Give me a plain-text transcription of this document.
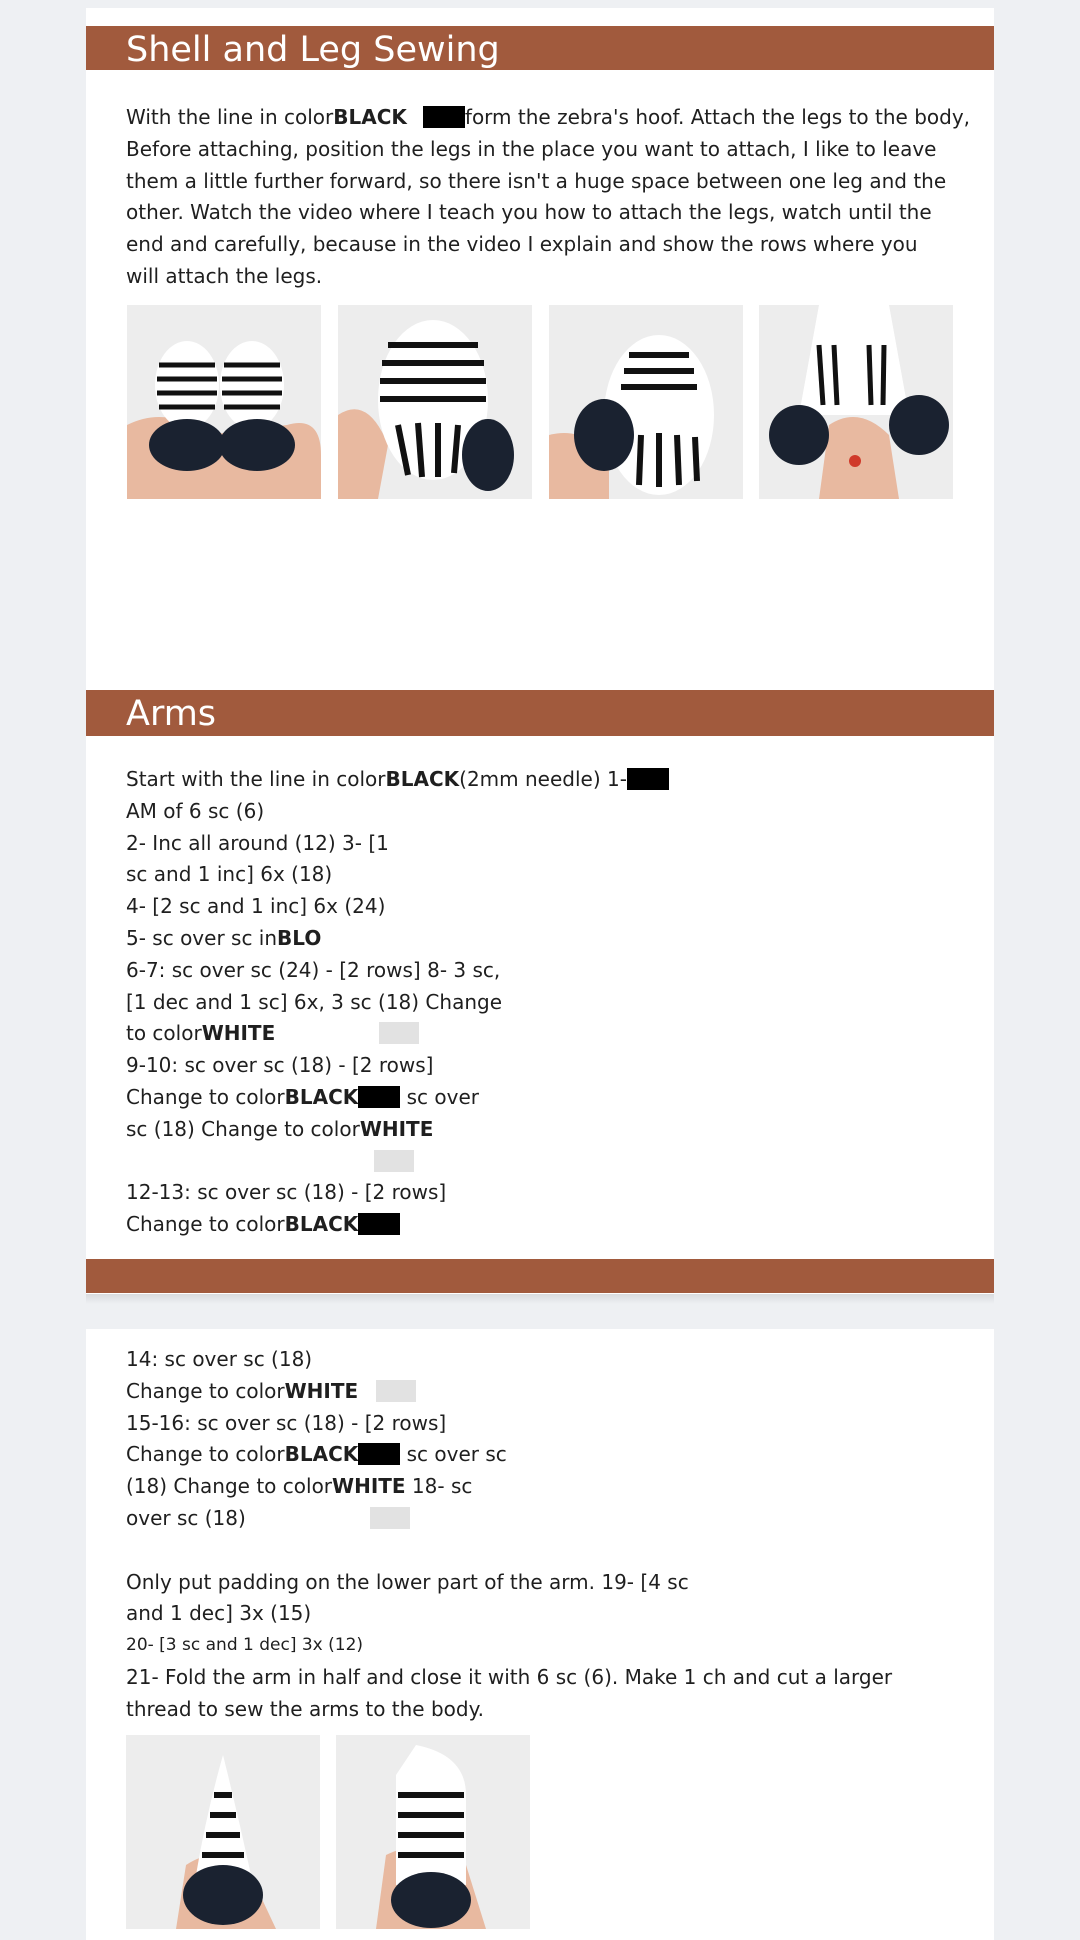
Shell and Leg Sewing
With the line in colorBLACK	form the zebra's hoof. Attach the legs to the body,
Before attaching, position the legs in the place you want to attach, I like to leave
them a little further forward, so there isn't a huge space between one leg and the
other. Watch the video where I teach you how to attach the legs, watch until the
end and carefully, because in the video I explain and show the rows where you
will attach the legs.
Arms
Start with the line in colorBLACK(2mm needle) 1-
AM of 6 sc (6)
2- Inc all around (12) 3- [1
sc and 1 inc] 6x (18)
4- [2 sc and 1 inc] 6x (24)
5- sc over sc inBLO
6-7: sc over sc (24) - [2 rows] 8- 3 sc,
[1 dec and 1 sc] 6x, 3 sc (18) Change
to colorWHITE
9-10: sc over sc (18) - [2 rows]
Change to colorBLACK sc over
sc (18) Change to colorWHITE
12-13: sc over sc (18) - [2 rows]
Change to colorBLACK
14: sc over sc (18)
Change to colorWHITE
15-16: sc over sc (18) - [2 rows]
Change to colorBLACK sc over sc
(18) Change to colorWHITE 18- sc
over sc (18)
Only put padding on the lower part of the arm. 19- [4 sc
and 1 dec] 3x (15)
20- [3 sc and 1 dec] 3x (12)
21- Fold the arm in half and close it with 6 sc (6). Make 1 ch and cut a larger
thread to sew the arms to the body.
